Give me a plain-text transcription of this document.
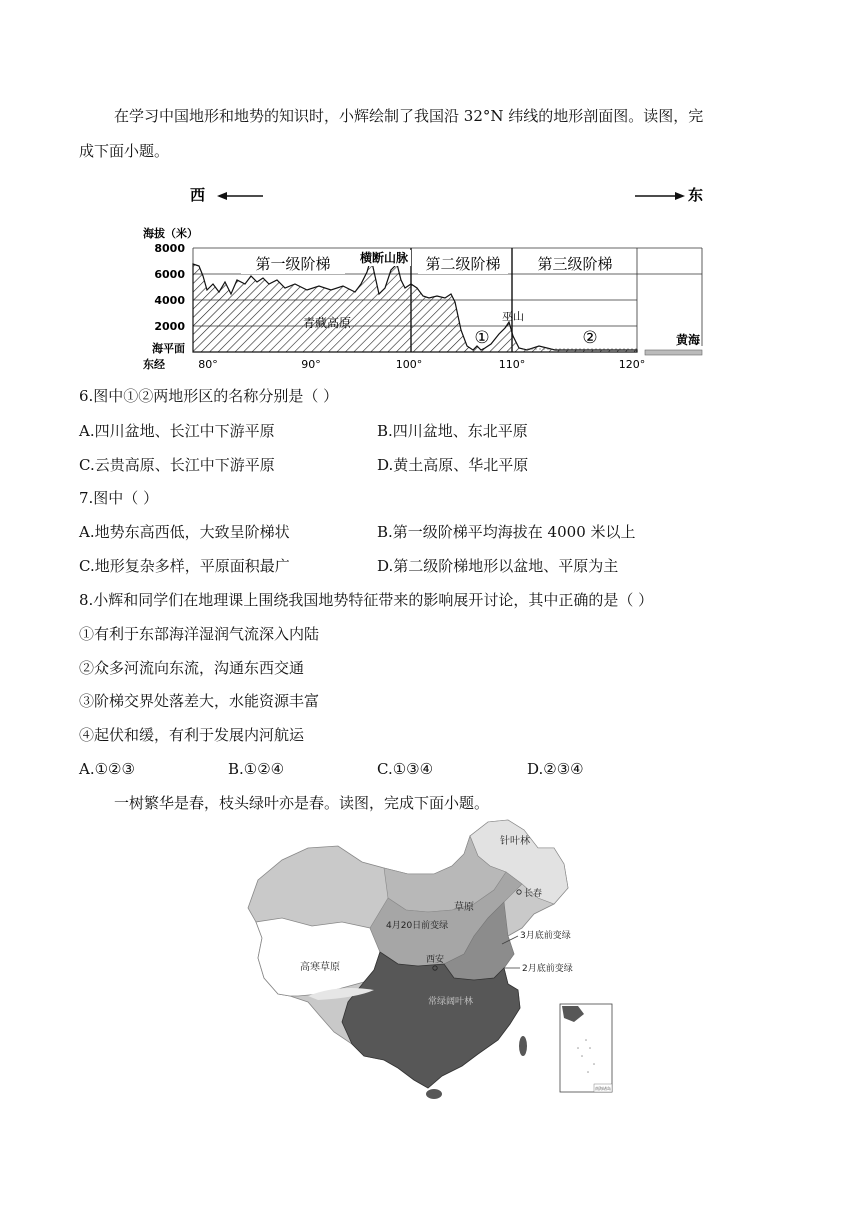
在学习中国地形和地势的知识时，小辉绘制了我国沿 32°N 纬线的地形剖面图。读图，完
成下面小题。
西	东
海拔（米）
8000
6000
4000
2000
海平面
第一级阶梯	第二级阶梯 第三级阶梯
横断山脉
青藏高原	巫山
①	②	黄海
东经	80°	90°	100°	110°	120°
6.图中①②两地形区的名称分别是（ ）
A.四川盆地、长江中下游平原	B.四川盆地、东北平原
C.云贵高原、长江中下游平原	D.黄土高原、华北平原
7.图中（ ）
A.地势东高西低，大致呈阶梯状	B.第一级阶梯平均海拔在 4000 米以上
C.地形复杂多样，平原面积最广	D.第二级阶梯地形以盆地、平原为主
8.小辉和同学们在地理课上围绕我国地势特征带来的影响展开讨论，其中正确的是（ ）
①有利于东部海洋湿润气流深入内陆
②众多河流向东流，沟通东西交通
③阶梯交界处落差大，水能资源丰富
④起伏和缓，有利于发展内河航运
A.①②③	B.①②④	C.①③④	D.②③④
一树繁华是春，枝头绿叶亦是春。读图，完成下面小题。
针叶林
长春
草原
4月20日前变绿
3月底前变绿
2月底前变绿
西安
高寒草原
常绿阔叶林
南海诸岛
